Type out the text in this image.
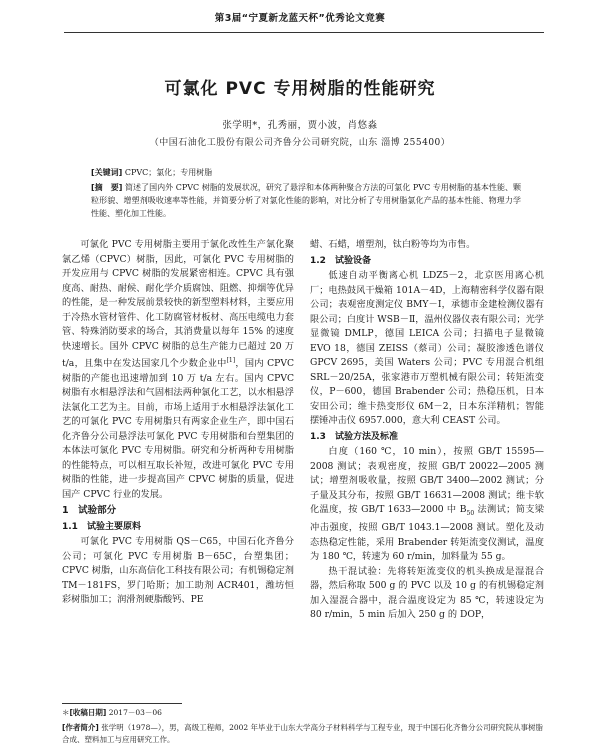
第3届“宁夏新龙蓝天杯”优秀论文竞赛
可氯化 PVC 专用树脂的性能研究
张学明*，孔秀丽，贾小波，肖悠淼
（中国石油化工股份有限公司齐鲁分公司研究院，山东 淄博 255400）
[关键词] CPVC；氯化；专用树脂
[摘　要] 简述了国内外 CPVC 树脂的发展状况，研究了悬浮和本体两种聚合方法的可氯化 PVC 专用树脂的基本性能、颗粒形貌、增塑剂吸收速率等性能，并简要分析了对氯化性能的影响，对比分析了专用树脂氯化产品的基本性能、物理力学性能、塑化加工性能。

可氯化 PVC 专用树脂主要用于氯化改性生产氯化聚氯乙烯（CPVC）树脂，因此，可氯化 PVC 专用树脂的开发应用与 CPVC 树脂的发展紧密相连。CPVC 具有强度高、耐热、耐候、耐化学介质腐蚀、阻燃、抑烟等优异的性能，是一种发展前景较快的新型塑料材料，主要应用于冷热水管材管件、化工防腐管材板材、高压电缆电力套管、特殊消防要求的场合，其消费量以每年 15% 的速度快速增长。国外 CPVC 树脂的总生产能力已超过 20 万 t/a，且集中在发达国家几个少数企业中[1]，国内 CPVC 树脂的产能也迅速增加到 10 万 t/a 左右。国内 CPVC 树脂有水相悬浮法和气固相法两种氯化工艺，以水相悬浮法氯化工艺为主。目前，市场上适用于水相悬浮法氯化工艺的可氯化 PVC 专用树脂只有两家企业生产，即中国石化齐鲁分公司悬浮法可氯化 PVC 专用树脂和台塑集团的本体法可氯化 PVC 专用树脂。研究和分析两种专用树脂的性能特点，可以相互取长补短，改进可氯化 PVC 专用树脂的性能，进一步提高国产 CPVC 树脂的质量，促进国产 CPVC 行业的发展。

1　试验部分
1.1　试验主要原料

可氯化 PVC 专用树脂 QS－C65，中国石化齐鲁分公司；可氯化 PVC 专用树脂 B－65C，台塑集团；CPVC 树脂，山东高信化工科技有限公司；有机锡稳定剂 TM－181FS，罗门哈斯；加工助剂 ACR401，潍坊恒彩树脂加工；润滑剂硬脂酸钙、PE

蜡、石蜡，增塑剂，钛白粉等均为市售。

1.2　试验设备

低速自动平衡离心机 LDZ5－2，北京医用离心机厂；电热鼓风干燥箱 101A－4D，上海精密科学仪器有限公司；表观密度测定仪 BMY－Ⅰ，承德市金建检测仪器有限公司；白度计 WSB－Ⅱ，温州仪器仪表有限公司；光学显微镜 DMLP，德国 LEICA 公司；扫描电子显微镜 EVO 18，德国 ZEISS（蔡司）公司；凝胶渗透色谱仪 GPCV 2695，美国 Waters 公司；PVC 专用混合机组 SRL－20/25A，张家港市万塑机械有限公司；转矩流变仪，P－600，德国 Brabender 公司；热稳压机，日本安田公司；维卡热变形仪 6M－2，日本东洋精机；智能摆锤冲击仪 6957.000，意大利 CEAST 公司。

1.3　试验方法及标准

白度（160 ℃，10 min），按照 GB/T 15595—2008 测试；表观密度，按照 GB/T 20022—2005 测试；增塑剂吸收量，按照 GB/T 3400—2002 测试；分子量及其分布，按照 GB/T 16631—2008 测试；维卡软化温度，按 GB/T 1633—2000 中 $B_{50}$ 法测试；简支梁冲击强度，按照 GB/T 1043.1—2008 测试。塑化及动态热稳定性能，采用 Brabender 转矩流变仪测试，温度为 180 ℃，转速为 60 r/min，加料量为 55 g。

热干混试验：先将转矩流变仪的机头换成是湿混合器，然后称取 500 g 的 PVC 以及 10 g 的有机锡稳定剂加入湿混合器中，混合温度设定为 85 ℃，转速设定为 80 r/min，5 min 后加入 250 g 的 DOP，

＊[收稿日期] 2017－03－06
[作者简介] 张学明（1978—），男，高级工程师，2002 年毕业于山东大学高分子材料科学与工程专业，现于中国石化齐鲁分公司研究院从事树脂合成、塑料加工与应用研究工作。
